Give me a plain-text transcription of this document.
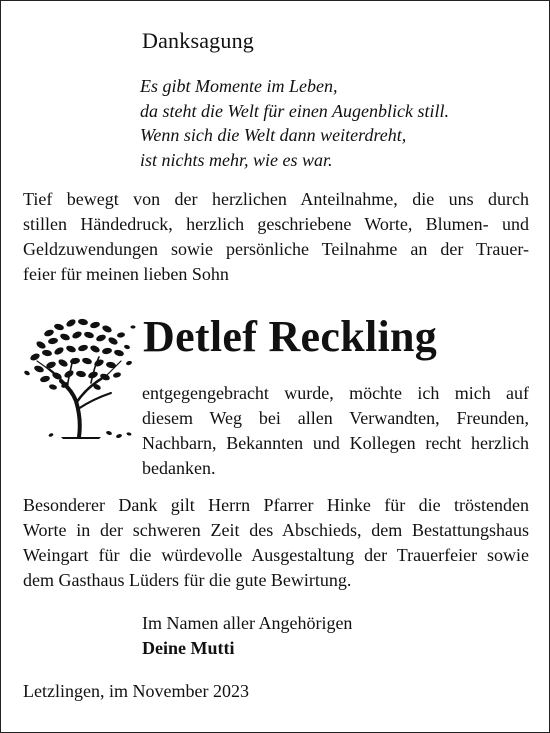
Danksagung
Es gibt Momente im Leben,
da steht die Welt für einen Augenblick still.
Wenn sich die Welt dann weiterdreht,
ist nichts mehr, wie es war.
Tief bewegt von der herzlichen Anteilnahme, die uns durch
stillen Händedruck, herzlich geschriebene Worte, Blumen- und
Geldzuwendungen sowie persönliche Teilnahme an der Trauer-
feier für meinen lieben Sohn
Detlef Reckling
entgegengebracht wurde, möchte ich mich auf
diesem Weg bei allen Verwandten, Freunden,
Nachbarn, Bekannten und Kollegen recht herzlich
bedanken.
Besonderer Dank gilt Herrn Pfarrer Hinke für die tröstenden
Worte in der schweren Zeit des Abschieds, dem Bestattungshaus
Weingart für die würdevolle Ausgestaltung der Trauerfeier sowie
dem Gasthaus Lüders für die gute Bewirtung.
Im Namen aller Angehörigen
Deine Mutti
Letzlingen, im November 2023
